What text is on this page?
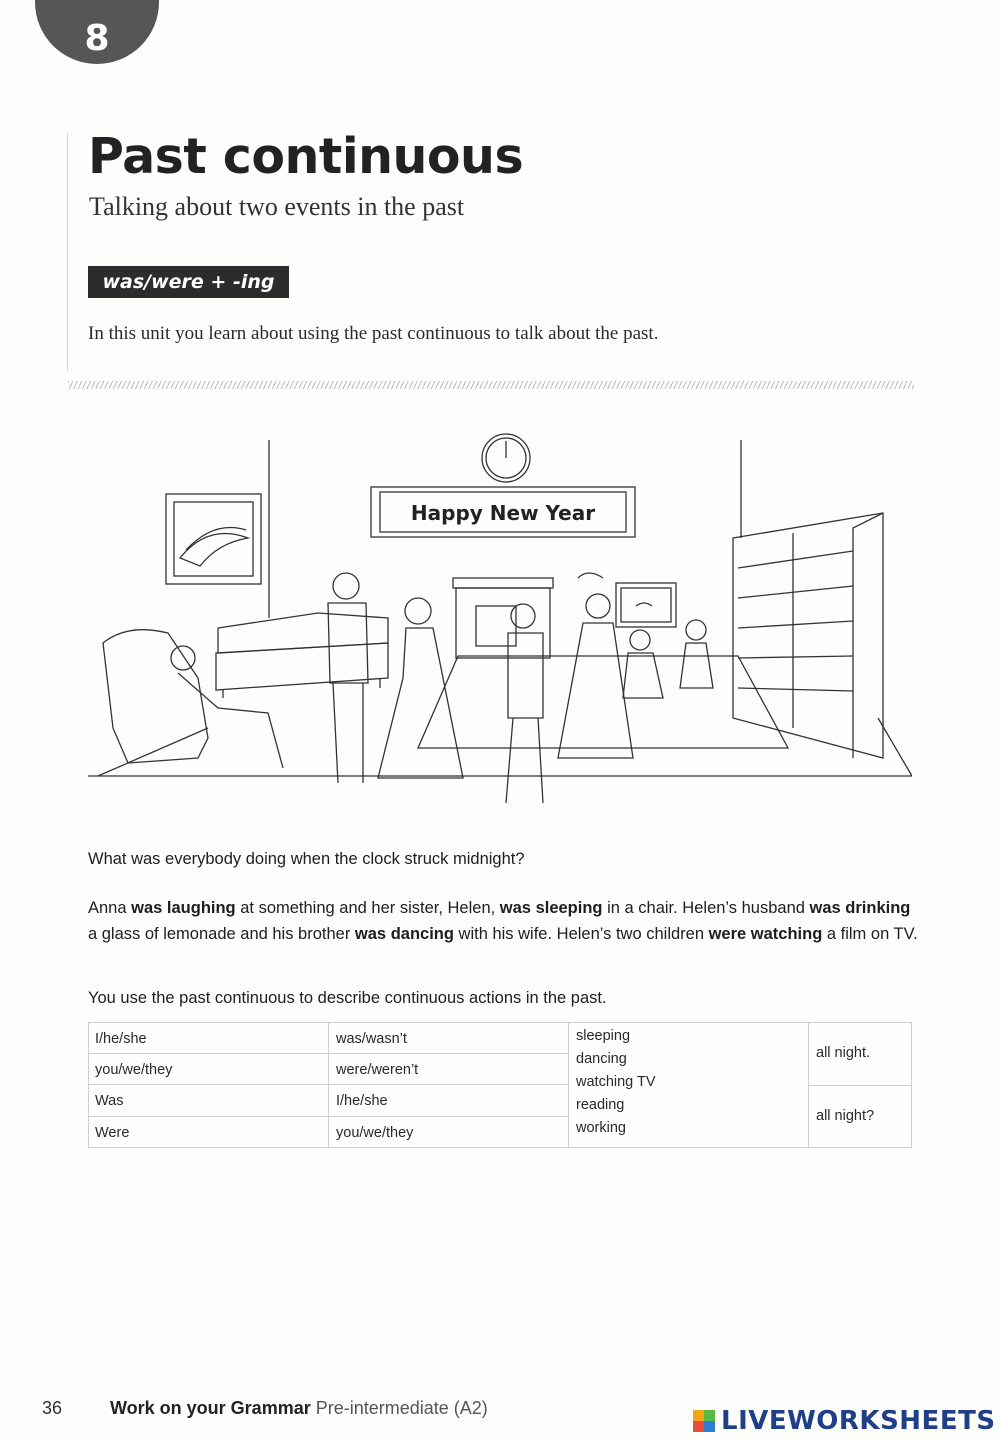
8
Past continuous
Talking about two events in the past
was/were + -ing
In this unit you learn about using the past continuous to talk about the past.
Happy New Year
What was everybody doing when the clock struck midnight?
Anna was laughing at something and her sister, Helen, was sleeping in a chair. Helen’s husband was drinking a glass of lemonade and his brother was dancing with his wife. Helen’s two children were watching a film on TV.
You use the past continuous to describe continuous actions in the past.
I/he/she
you/we/they
Was
Were
was/wasn’t
were/weren’t
I/he/she
you/we/they
sleeping
dancing
watching TV
reading
working
all night.
all night?
36	Work on your Grammar Pre-intermediate (A2)	LIVEWORKSHEETS
